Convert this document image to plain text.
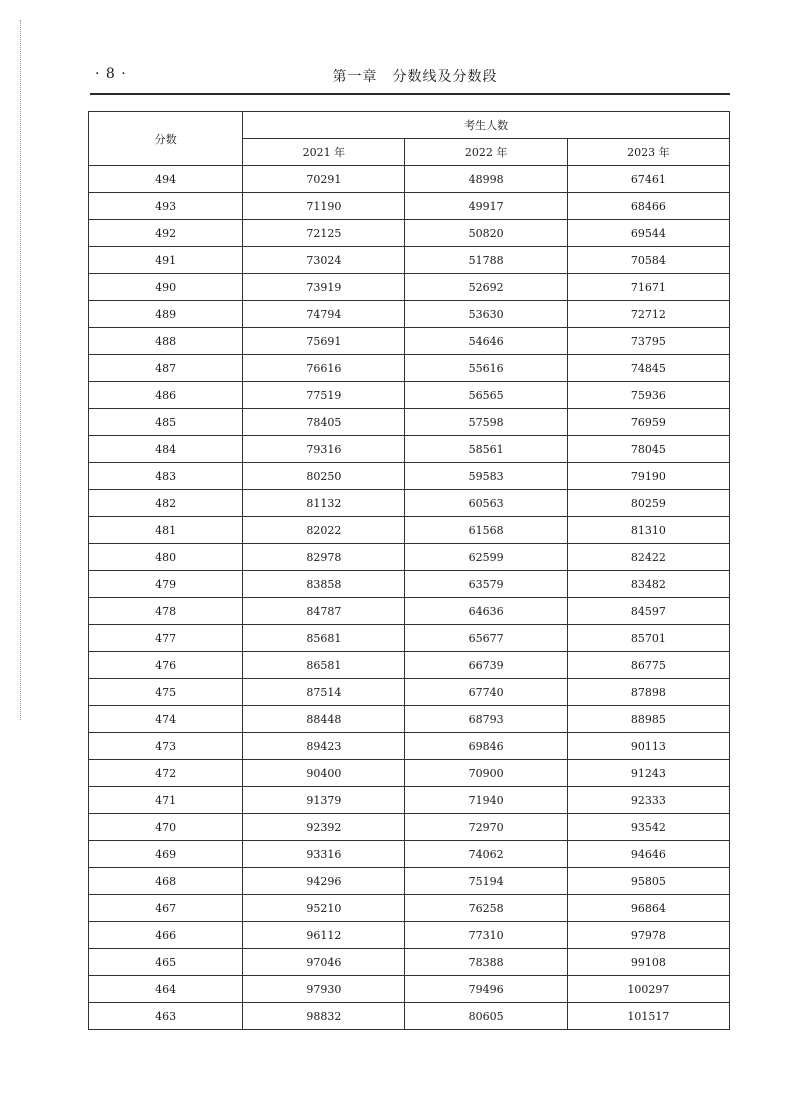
· 8 ·	第一章　分数线及分数段
分数	考生人数		
	2021 年	2022 年	2023 年
494	70291	48998	67461
493	71190	49917	68466
492	72125	50820	69544
491	73024	51788	70584
490	73919	52692	71671
489	74794	53630	72712
488	75691	54646	73795
487	76616	55616	74845
486	77519	56565	75936
485	78405	57598	76959
484	79316	58561	78045
483	80250	59583	79190
482	81132	60563	80259
481	82022	61568	81310
480	82978	62599	82422
479	83858	63579	83482
478	84787	64636	84597
477	85681	65677	85701
476	86581	66739	86775
475	87514	67740	87898
474	88448	68793	88985
473	89423	69846	90113
472	90400	70900	91243
471	91379	71940	92333
470	92392	72970	93542
469	93316	74062	94646
468	94296	75194	95805
467	95210	76258	96864
466	96112	77310	97978
465	97046	78388	99108
464	97930	79496	100297
463	98832	80605	101517
